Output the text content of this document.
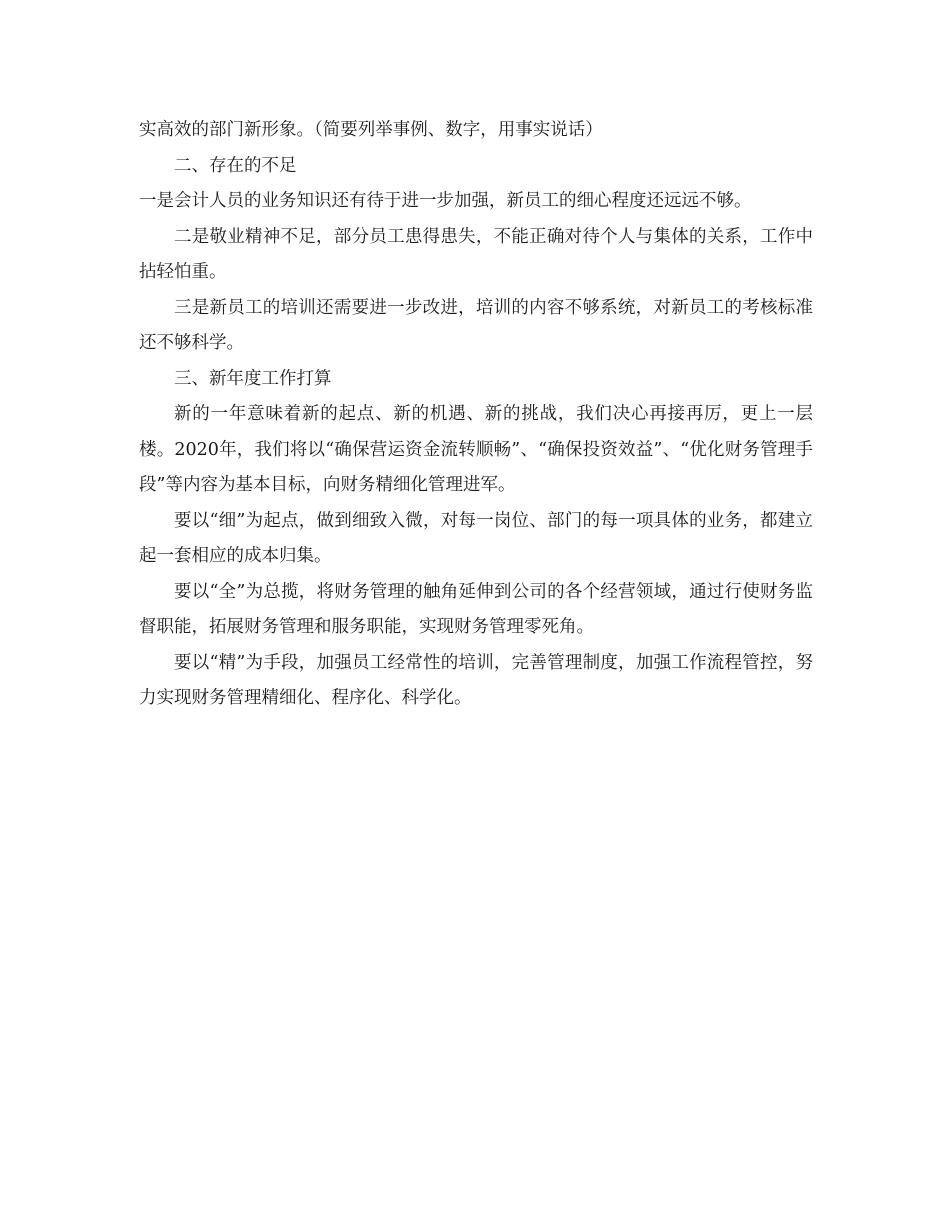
实高效的部门新形象。（简要列举事例、数字，用事实说话）

二、存在的不足

一是会计人员的业务知识还有待于进一步加强，新员工的细心程度还远远不够。

二是敬业精神不足，部分员工患得患失，不能正确对待个人与集体的关系，工作中拈轻怕重。

三是新员工的培训还需要进一步改进，培训的内容不够系统，对新员工的考核标准还不够科学。

三、新年度工作打算

新的一年意味着新的起点、新的机遇、新的挑战，我们决心再接再厉，更上一层楼。2020年，我们将以“确保营运资金流转顺畅”、“确保投资效益”、“优化财务管理手段”等内容为基本目标，向财务精细化管理进军。

要以“细”为起点，做到细致入微，对每一岗位、部门的每一项具体的业务，都建立起一套相应的成本归集。

要以“全”为总揽，将财务管理的触角延伸到公司的各个经营领域，通过行使财务监督职能，拓展财务管理和服务职能，实现财务管理零死角。

要以“精”为手段，加强员工经常性的培训，完善管理制度，加强工作流程管控，努力实现财务管理精细化、程序化、科学化。
